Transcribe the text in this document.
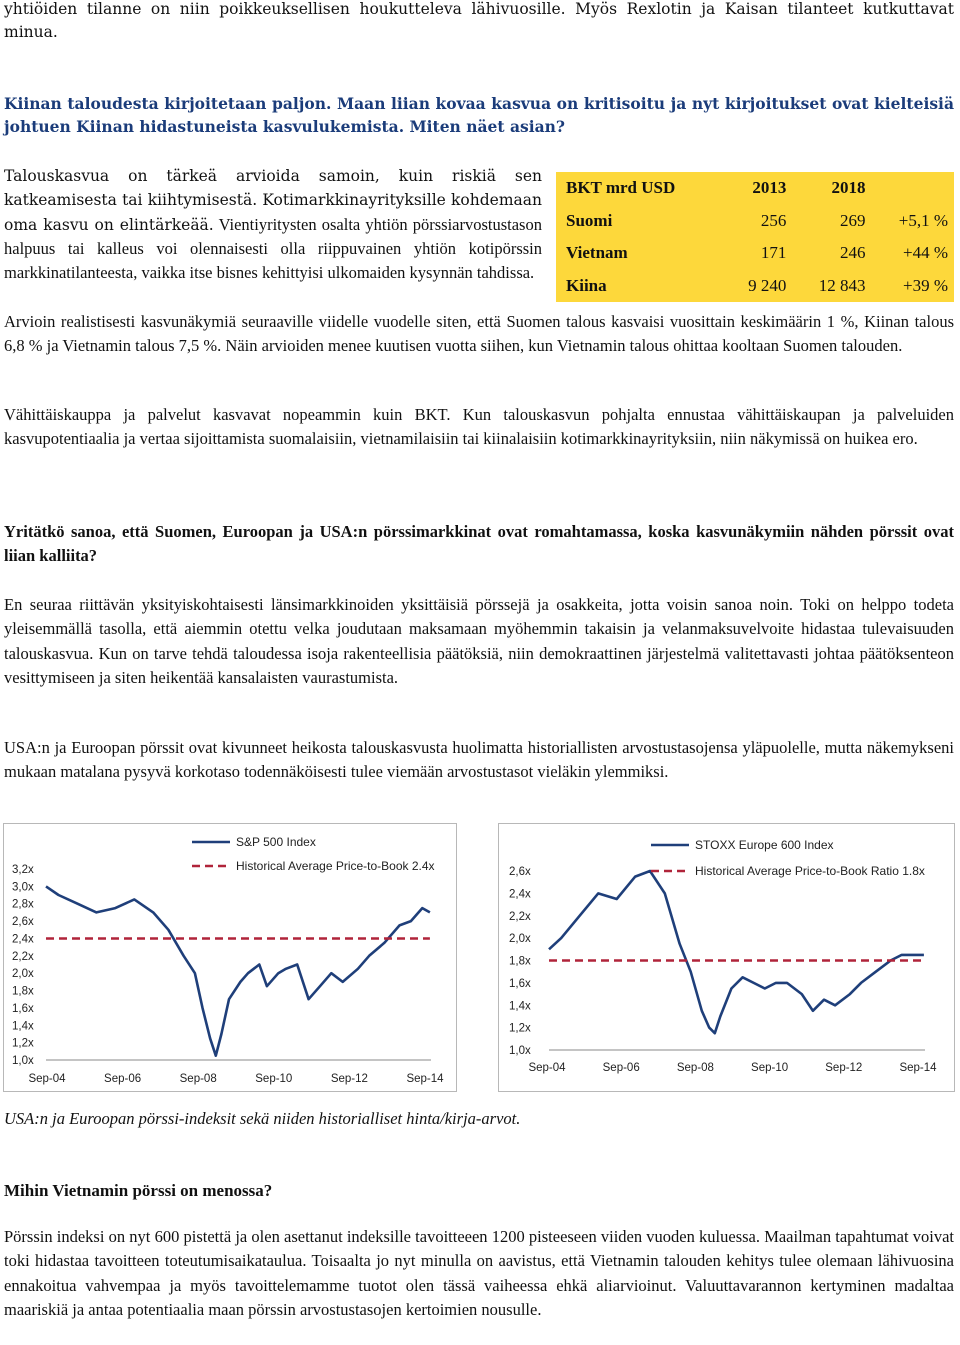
yhtiöiden tilanne on niin poikkeuksellisen houkutteleva lähivuosille. Myös Rexlotin ja Kaisan tilanteet kutkuttavat minua.

Kiinan taloudesta kirjoitetaan paljon. Maan liian kovaa kasvua on kritisoitu ja nyt kirjoitukset ovat kielteisiä johtuen Kiinan hidastuneista kasvulukemista. Miten näet asian?

Talouskasvua on tärkeä arvioida samoin, kuin riskiä sen katkeamisesta tai kiihtymisestä. Kotimarkkinayrityksille kohdemaan oma kasvu on elintärkeää. Vientiyritysten osalta yhtiön pörssiarvostustason halpuus tai kalleus voi olennaisesti olla riippuvainen yhtiön kotipörssin markkinatilanteesta, vaikka itse bisnes kehittyisi ulkomaiden kysynnän tahdissa.

BKT mrd USD	2013	2018	
Suomi	256	269	+5,1 %
Vietnam	171	246	+44 %
Kiina	9 240	12 843	+39 %

Arvioin realistisesti kasvunäkymiä seuraaville viidelle vuodelle siten, että Suomen talous kasvaisi vuosittain keskimäärin 1 %, Kiinan talous 6,8 % ja Vietnamin talous 7,5 %. Näin arvioiden menee kuutisen vuotta siihen, kun Vietnamin talous ohittaa kooltaan Suomen talouden.

Vähittäiskauppa ja palvelut kasvavat nopeammin kuin BKT. Kun talouskasvun pohjalta ennustaa vähittäiskaupan ja palveluiden kasvupotentiaalia ja vertaa sijoittamista suomalaisiin, vietnamilaisiin tai kiinalaisiin kotimarkkinayrityksiin, niin näkymissä on huikea ero.

Yritätkö sanoa, että Suomen, Euroopan ja USA:n pörssimarkkinat ovat romahtamassa, koska kasvunäkymiin nähden pörssit ovat liian kalliita?

En seuraa riittävän yksityiskohtaisesti länsimarkkinoiden yksittäisiä pörssejä ja osakkeita, jotta voisin sanoa noin. Toki on helppo todeta yleisemmällä tasolla, että aiemmin otettu velka joudutaan maksamaan myöhemmin takaisin ja velanmaksuvelvoite hidastaa tulevaisuuden talouskasvua. Kun on tarve tehdä taloudessa isoja rakenteellisia päätöksiä, niin demokraattinen järjestelmä valitettavasti johtaa päätöksenteon vesittymiseen ja siten heikentää kansalaisten vaurastumista.

USA:n ja Euroopan pörssit ovat kivunneet heikosta talouskasvusta huolimatta historiallisten arvostustasojensa yläpuolelle, mutta näkemykseni mukaan matalana pysyvä korkotaso todennäköisesti tulee viemään arvostustasot vieläkin ylemmiksi.

3,2x
3,0x
2,8x
2,6x
2,4x
2,2x
2,0x
1,8x
1,6x
1,4x
1,2x
1,0x
Sep-04	Sep-06	Sep-08	Sep-10	Sep-12	Sep-14
S&P 500 Index
Historical Average Price-to-Book 2.4x	2,6x
2,4x
2,2x
2,0x
1,8x
1,6x
1,4x
1,2x
1,0x
Sep-04	Sep-06	Sep-08	Sep-10	Sep-12	Sep-14
STOXX Europe 600 Index
Historical Average Price-to-Book Ratio 1.8x

USA:n ja Euroopan pörssi-indeksit sekä niiden historialliset hinta/kirja-arvot.

Mihin Vietnamin pörssi on menossa?

Pörssin indeksi on nyt 600 pistettä ja olen asettanut indeksille tavoitteeen 1200 pisteeseen viiden vuoden kuluessa. Maailman tapahtumat voivat toki hidastaa tavoitteen toteutumisaikataulua. Toisaalta jo nyt minulla on aavistus, että Vietnamin talouden kehitys tulee olemaan lähivuosina ennakoitua vahvempaa ja myös tavoittelemamme tuotot olen tässä vaiheessa ehkä aliarvioinut. Valuuttavarannon kertyminen madaltaa maariskiä ja antaa potentiaalia maan pörssin arvostustasojen kertoimien nousulle.
